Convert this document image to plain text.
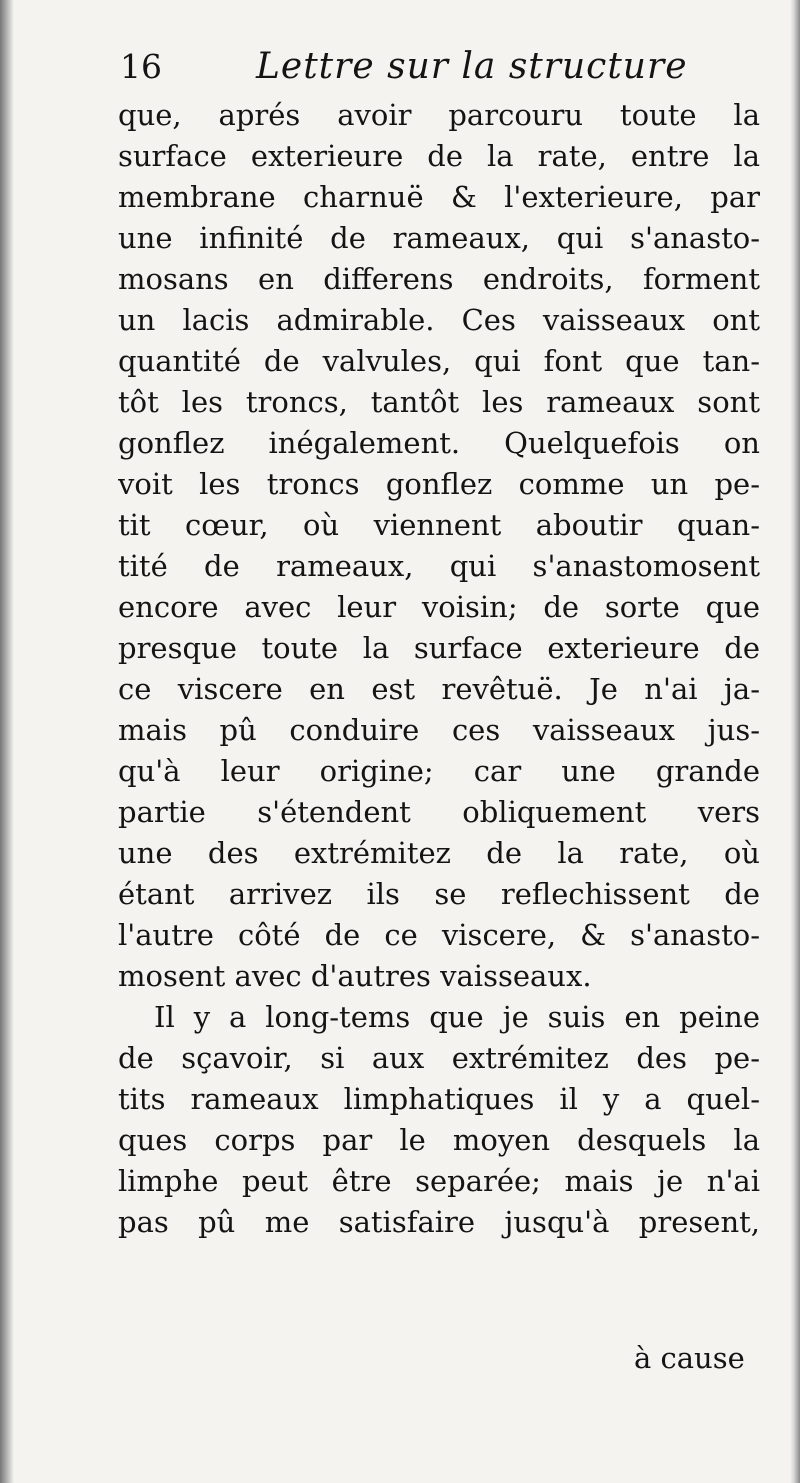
16	Lettre sur la structure
que, aprés avoir parcouru toute la
surface exterieure de la rate, entre la
membrane charnuë & l'exterieure, par
une infinité de rameaux, qui s'anasto-
mosans en differens endroits, forment
un lacis admirable. Ces vaisseaux ont
quantité de valvules, qui font que tan-
tôt les troncs, tantôt les rameaux sont
gonflez inégalement. Quelquefois on
voit les troncs gonflez comme un pe-
tit cœur, où viennent aboutir quan-
tité de rameaux, qui s'anastomosent
encore avec leur voisin; de sorte que
presque toute la surface exterieure de
ce viscere en est revêtuë. Je n'ai ja-
mais pû conduire ces vaisseaux jus-
qu'à leur origine; car une grande
partie s'étendent obliquement vers
une des extrémitez de la rate, où
étant arrivez ils se reflechissent de
l'autre côté de ce viscere, & s'anasto-
mosent avec d'autres vaisseaux.
Il y a long-tems que je suis en peine
de sçavoir, si aux extrémitez des pe-
tits rameaux limphatiques il y a quel-
ques corps par le moyen desquels la
limphe peut être separée; mais je n'ai
pas pû me satisfaire jusqu'à present,
à cause
